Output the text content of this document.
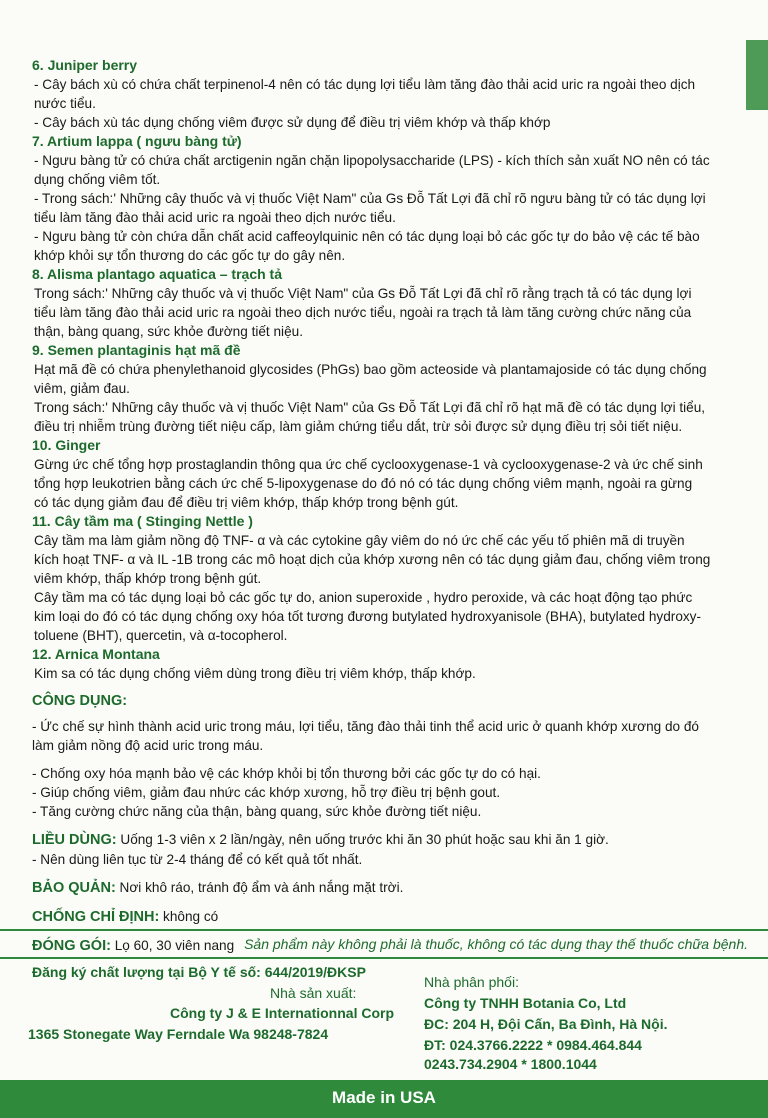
6. Juniper berry
- Cây bách xù có chứa chất terpinenol-4 nên có tác dụng lợi tiểu làm tăng đào thải acid uric ra ngoài theo dịch
nước tiểu.
- Cây bách xù tác dụng chống viêm được sử dụng để điều trị viêm khớp và thấp khớp
7. Artium lappa ( ngưu bàng tử)
- Ngưu bàng tử có chứa chất arctigenin ngăn chặn lipopolysaccharide (LPS) - kích thích sản xuất NO nên có tác
dụng chống viêm tốt.
- Trong sách:' Những cây thuốc và vị thuốc Việt Nam" của Gs Đỗ Tất Lợi đã chỉ rõ ngưu bàng tử có tác dụng lợi
tiểu làm tăng đào thải acid uric ra ngoài theo dịch nước tiểu.
- Ngưu bàng tử còn chứa dẫn chất acid caffeoylquinic nên có tác dụng loại bỏ các gốc tự do bảo vệ các tế bào
khớp khỏi sự tổn thương do các gốc tự do gây nên.
8. Alisma plantago aquatica – trạch tả
Trong sách:' Những cây thuốc và vị thuốc Việt Nam" của Gs Đỗ Tất Lợi đã chỉ rõ rằng trạch tả có tác dụng lợi
tiểu làm tăng đào thải acid uric ra ngoài theo dịch nước tiểu, ngoài ra trạch tả làm tăng cường chức năng của
thận, bàng quang, sức khỏe đường tiết niệu.
9. Semen plantaginis hạt mã đề
Hạt mã đề có chứa phenylethanoid glycosides (PhGs) bao gồm acteoside và plantamajoside có tác dụng chống
viêm, giảm đau.
Trong sách:' Những cây thuốc và vị thuốc Việt Nam" của Gs Đỗ Tất Lợi đã chỉ rõ hạt mã đề có tác dụng lợi tiểu,
điều trị nhiễm trùng đường tiết niệu cấp, làm giảm chứng tiểu dắt, trừ sỏi được sử dụng điều trị sỏi tiết niệu.
10. Ginger
Gừng ức chế tổng hợp prostaglandin thông qua ức chế cyclooxygenase-1 và cyclooxygenase-2 và ức chế sinh
tổng hợp leukotrien bằng cách ức chế 5-lipoxygenase do đó nó có tác dụng chống viêm mạnh, ngoài ra gừng
có tác dụng giảm đau để điều trị viêm khớp, thấp khớp trong bệnh gút.
11. Cây tầm ma ( Stinging Nettle )
Cây tầm ma làm giảm nồng độ TNF- α và các cytokine gây viêm do nó ức chế các yếu tố phiên mã di truyền
kích hoạt TNF- α và IL -1B trong các mô hoạt dịch của khớp xương nên có tác dụng giảm đau, chống viêm trong
viêm khớp, thấp khớp trong bệnh gút.
Cây tầm ma có tác dụng loại bỏ các gốc tự do, anion superoxide , hydro peroxide, và các hoạt động tạo phức
kim loại do đó có tác dụng chống oxy hóa tốt tương đương butylated hydroxyanisole (BHA), butylated hydroxy-
toluene (BHT), quercetin, và α-tocopherol.
12. Arnica Montana
Kim sa có tác dụng chống viêm dùng trong điều trị viêm khớp, thấp khớp.
CÔNG DỤNG:
- Ức chế sự hình thành acid uric trong máu, lợi tiểu, tăng đào thải tinh thể acid uric ở quanh khớp xương do đó
làm giảm nồng độ acid uric trong máu.
- Chống oxy hóa mạnh bảo vệ các khớp khỏi bị tổn thương bởi các gốc tự do có hại.
- Giúp chống viêm, giảm đau nhức các khớp xương, hỗ trợ điều trị bệnh gout.
- Tăng cường chức năng của thận, bàng quang, sức khỏe đường tiết niệu.
LIỀU DÙNG: Uống 1-3 viên x 2 lần/ngày, nên uống trước khi ăn 30 phút hoặc sau khi ăn 1 giờ.
- Nên dùng liên tục từ 2-4 tháng để có kết quả tốt nhất.
BẢO QUẢN: Nơi khô ráo, tránh độ ẩm và ánh nắng mặt trời.
CHỐNG CHỈ ĐỊNH: không có
ĐÓNG GÓI: Lọ 60, 30 viên nang Sản phẩm này không phải là thuốc, không có tác dụng thay thế thuốc chữa bệnh.
Đăng ký chất lượng tại Bộ Y tế số: 644/2019/ĐKSP
Nhà sản xuất:
Công ty J & E Internationnal Corp
1365 Stonegate Way Ferndale Wa 98248-7824
Nhà phân phối:
Công ty TNHH Botania Co, Ltd
ĐC: 204 H, Đội Cấn, Ba Đình, Hà Nội.
ĐT: 024.3766.2222 * 0984.464.844
0243.734.2904 * 1800.1044
Made in USA
